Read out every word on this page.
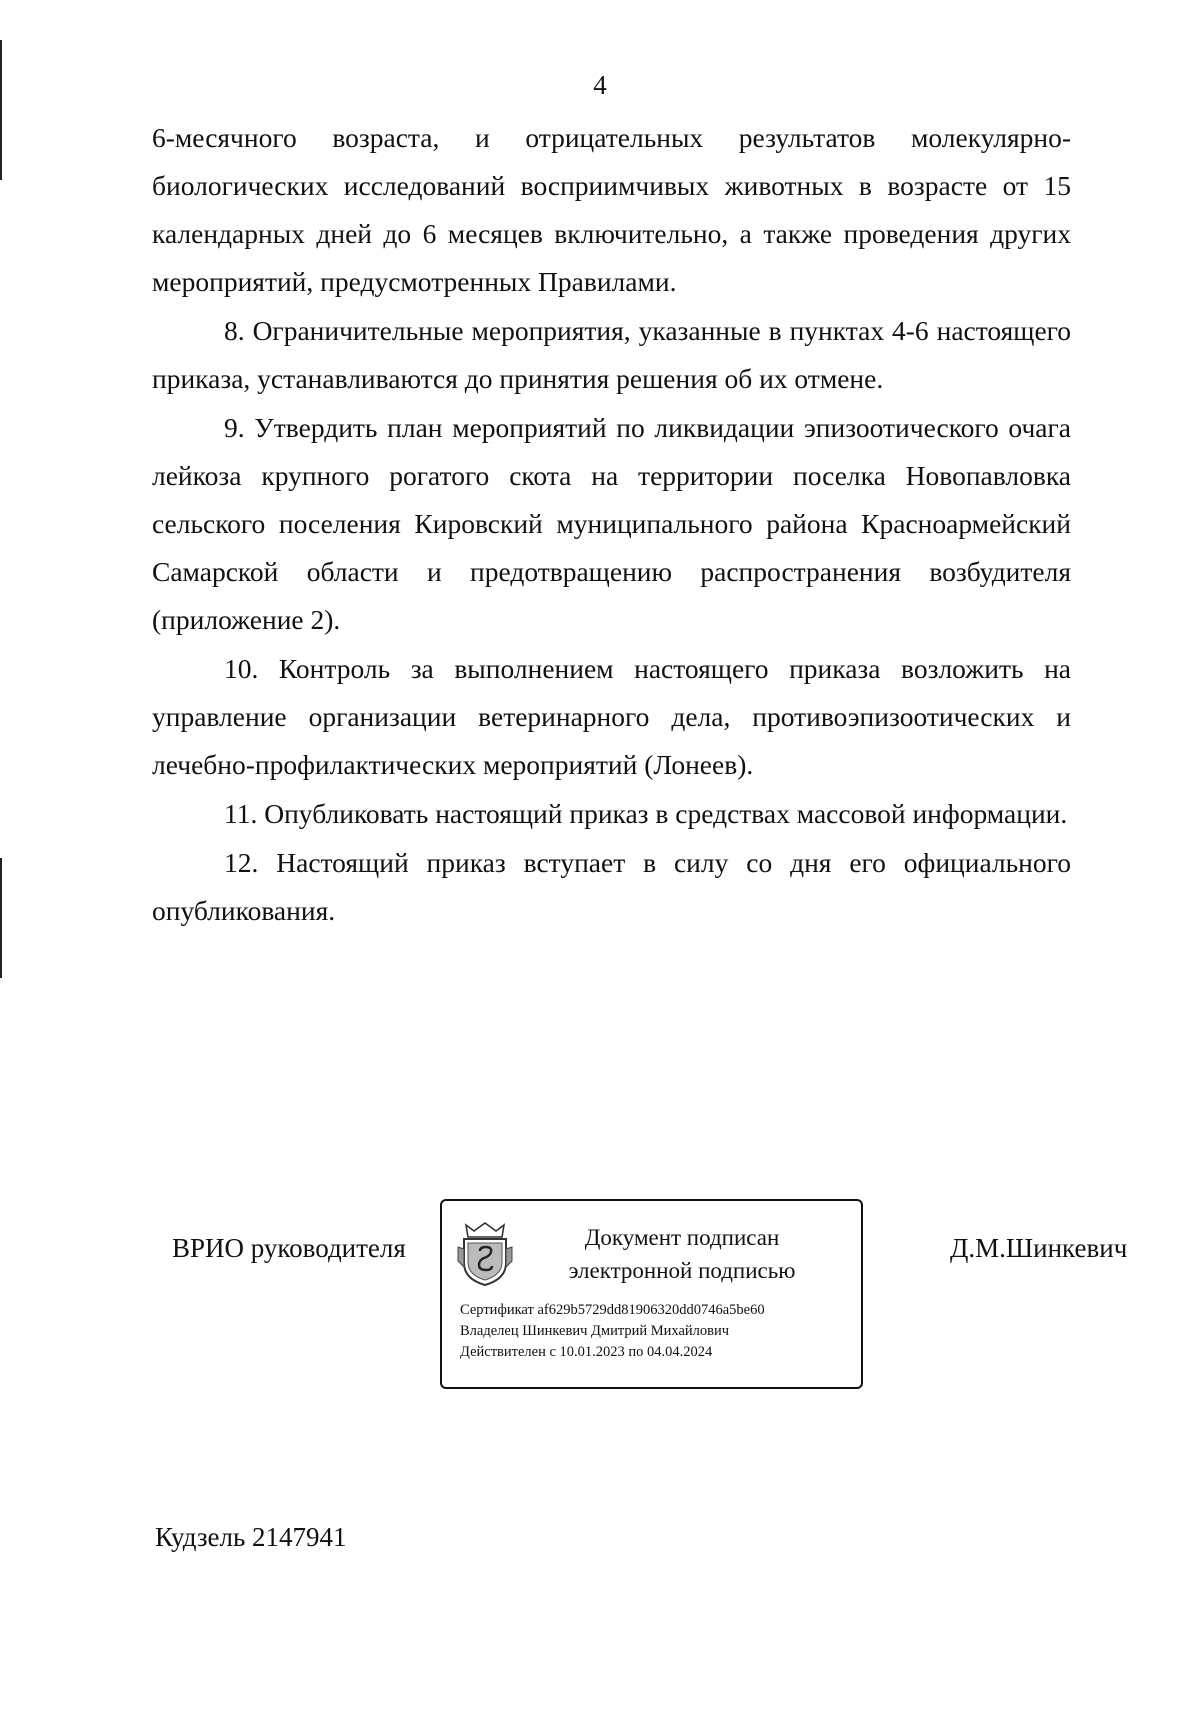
4

6-месячного возраста, и отрицательных результатов молекулярно-биологических исследований восприимчивых животных в возрасте от 15 календарных дней до 6 месяцев включительно, а также проведения других мероприятий, предусмотренных Правилами.

8. Ограничительные мероприятия, указанные в пунктах 4-6 настоящего приказа, устанавливаются до принятия решения об их отмене.

9. Утвердить план мероприятий по ликвидации эпизоотического очага лейкоза крупного рогатого скота на территории поселка Новопавловка сельского поселения Кировский муниципального района Красноармейский Самарской области и предотвращению распространения возбудителя (приложение 2).

10. Контроль за выполнением настоящего приказа возложить на управление организации ветеринарного дела, противоэпизоотических и лечебно-профилактических мероприятий (Лонеев).

11. Опубликовать настоящий приказ в средствах массовой информации.

12. Настоящий приказ вступает в силу со дня его официального опубликования.

ВРИО руководителя	Документ подписан
электронной подписью
Сертификат af629b5729dd81906320dd0746a5be60
Владелец Шинкевич Дмитрий Михайлович
Действителен с 10.01.2023 по 04.04.2024
Д.М.Шинкевич
Кудзель 2147941
